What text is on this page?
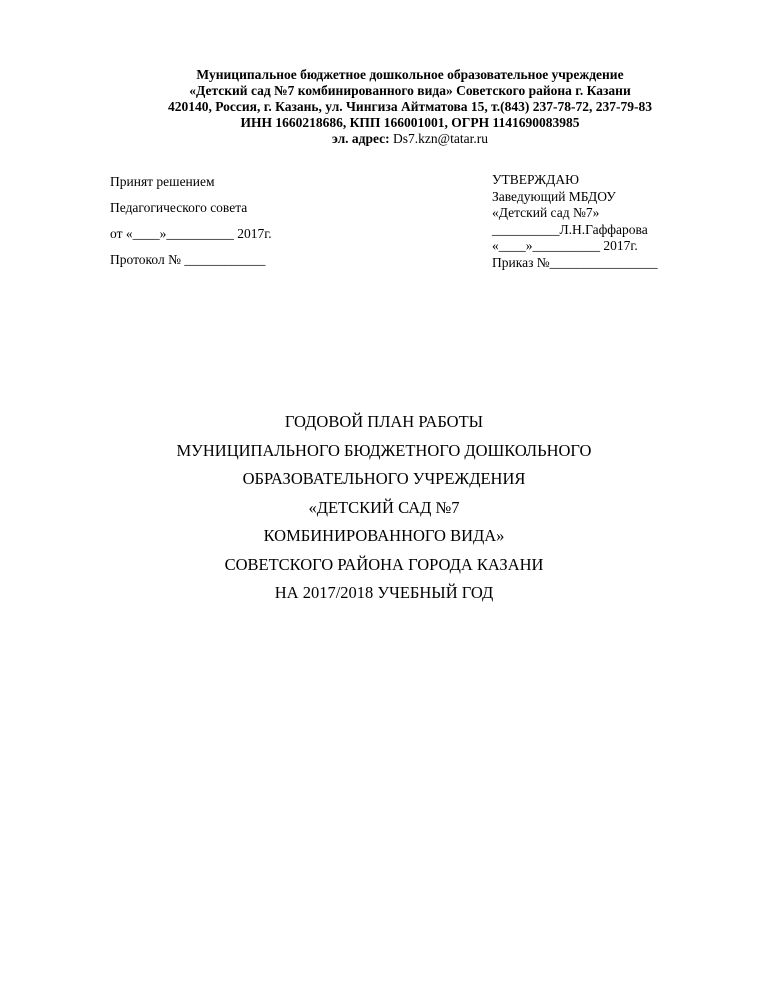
Муниципальное бюджетное дошкольное образовательное учреждение
«Детский сад №7 комбинированного вида» Советского района г. Казани
420140, Россия, г. Казань, ул. Чингиза Айтматова 15, т.(843) 237-78-72, 237-79-83
ИНН 1660218686, КПП 166001001, ОГРН 1141690083985
эл. адрес: Ds7.kzn@tatar.ru
Принят решением
Педагогического совета
от «____»__________ 2017г.
Протокол № ____________
УТВЕРЖДАЮ
Заведующий МБДОУ
«Детский сад №7»
__________Л.Н.Гаффарова
«____»__________ 2017г.
Приказ №________________
ГОДОВОЙ ПЛАН РАБОТЫ
МУНИЦИПАЛЬНОГО БЮДЖЕТНОГО ДОШКОЛЬНОГО
ОБРАЗОВАТЕЛЬНОГО УЧРЕЖДЕНИЯ
«ДЕТСКИЙ САД №7
КОМБИНИРОВАННОГО ВИДА»
СОВЕТСКОГО РАЙОНА ГОРОДА КАЗАНИ
НА 2017/2018 УЧЕБНЫЙ ГОД
